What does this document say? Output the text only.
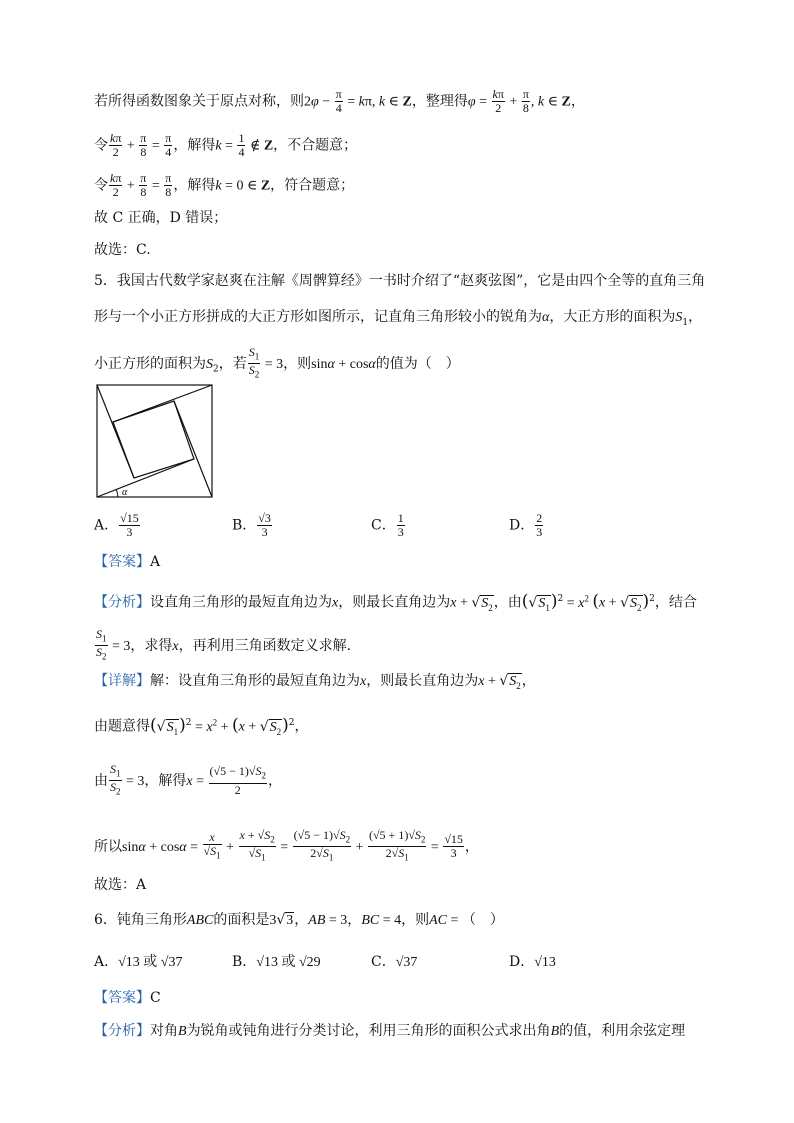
若所得函数图象关于原点对称，则$2\varphi - \frac{\pi}{4} = k\pi$, k ∈ Z，整理得$\varphi = \frac{k\pi}{2} + \frac{\pi}{8}$ , k ∈ Z，
令 $\frac{k\pi}{2} + \frac{\pi}{8} = \frac{\pi}{4}$ ，解得$k = \frac{1}{4}$ ∉ Z，不合题意；
令 $\frac{k\pi}{2} + \frac{\pi}{8} = \frac{\pi}{8}$ ，解得k = 0 ∈ Z，符合题意；
故 C 正确，D 错误；
故选：C.
5．我国古代数学家赵爽在注解《周髀算经》一书时介绍了“赵爽弦图”，它是由四个全等的直角三角
形与一个小正方形拼成的大正方形如图所示，记直角三角形较小的锐角为α，大正方形的面积为$S_1$，
小正方形的面积为$S_2$，若 $\frac{S_1}{S_2} = 3$，则sinα + cosα的值为（　）
α
A． $\frac{√15}{3}$	B． $\frac{√3}{3}$	C． $\frac{1}{3}$	D． $\frac{2}{3}$
【答案】A
【分析】设直角三角形的最短直角边为x，则最长直角边为$x + √S_2$，由$(√S_1)^2 = x^2$ $(x + √S_2)^2$，结合
$\frac{S_1}{S_2} = 3$，求得x，再利用三角函数定义求解.
【详解】解：设直角三角形的最短直角边为x，则最长直角边为$x + √S_2$，
由题意得$(√S_1)^2 = x^2 + (x + √S_2)^2$，
由 $\frac{S_1}{S_2} = 3$，解得$x = \frac{(√5 - 1)√S_2}{2}$ ，
所以$\sin\alpha + \cos\alpha = \frac{x}{√S_1} + \frac{x + √S_2}{√S_1} = \frac{(√5 - 1)√S_2}{2√S_1} + \frac{(√5 + 1)√S_2}{2√S_1} = \frac{√15}{3}$ ，
故选：A
6．钝角三角形ABC的面积是3√3，AB = 3，BC = 4，则AC = （　）
A．√13 或 √37	B．√13 或 √29	C．√37	D．√13
【答案】C
【分析】对角B为锐角或钝角进行分类讨论，利用三角形的面积公式求出角B的值，利用余弦定理
